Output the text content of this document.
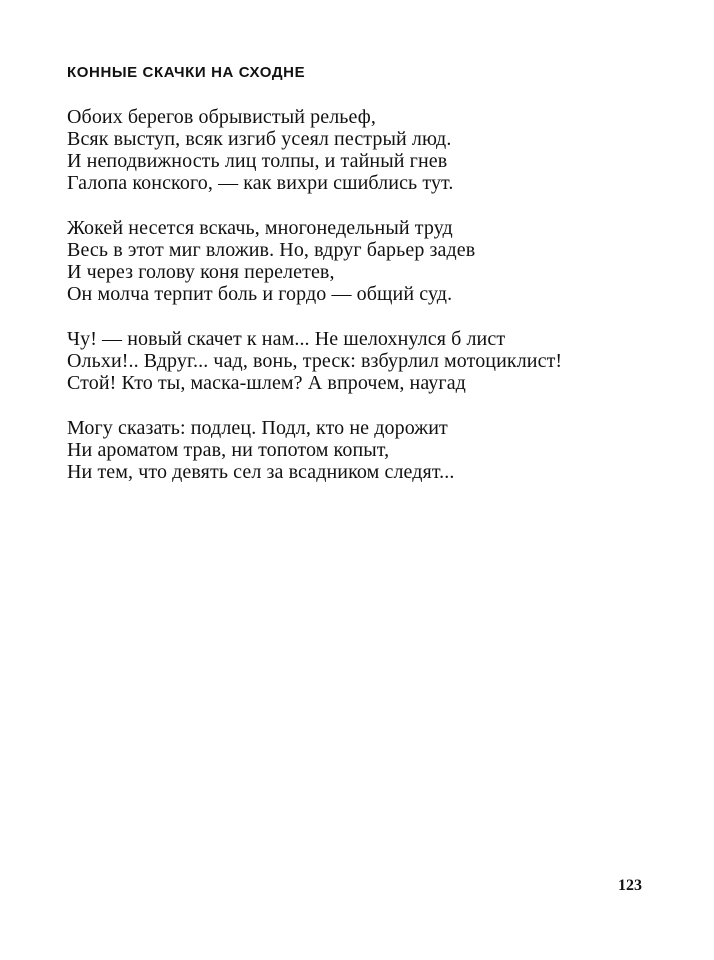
КОННЫЕ СКАЧКИ НА СХОДНЕ
Обоих берегов обрывистый рельеф,
Всяк выступ, всяк изгиб усеял пестрый люд.
И неподвижность лиц толпы, и тайный гнев
Галопа конского, — как вихри сшиблись тут.
Жокей несется вскачь, многонедельный труд
Весь в этот миг вложив. Но, вдруг барьер задев
И через голову коня перелетев,
Он молча терпит боль и гордо — общий суд.
Чу! — новый скачет к нам... Не шелохнулся б лист
Ольхи!.. Вдруг... чад, вонь, треск: взбурлил мотоциклист!
Стой! Кто ты, маска-шлем? А впрочем, наугад
Могу сказать: подлец. Подл, кто не дорожит
Ни ароматом трав, ни топотом копыт,
Ни тем, что девять сел за всадником следят...
123
